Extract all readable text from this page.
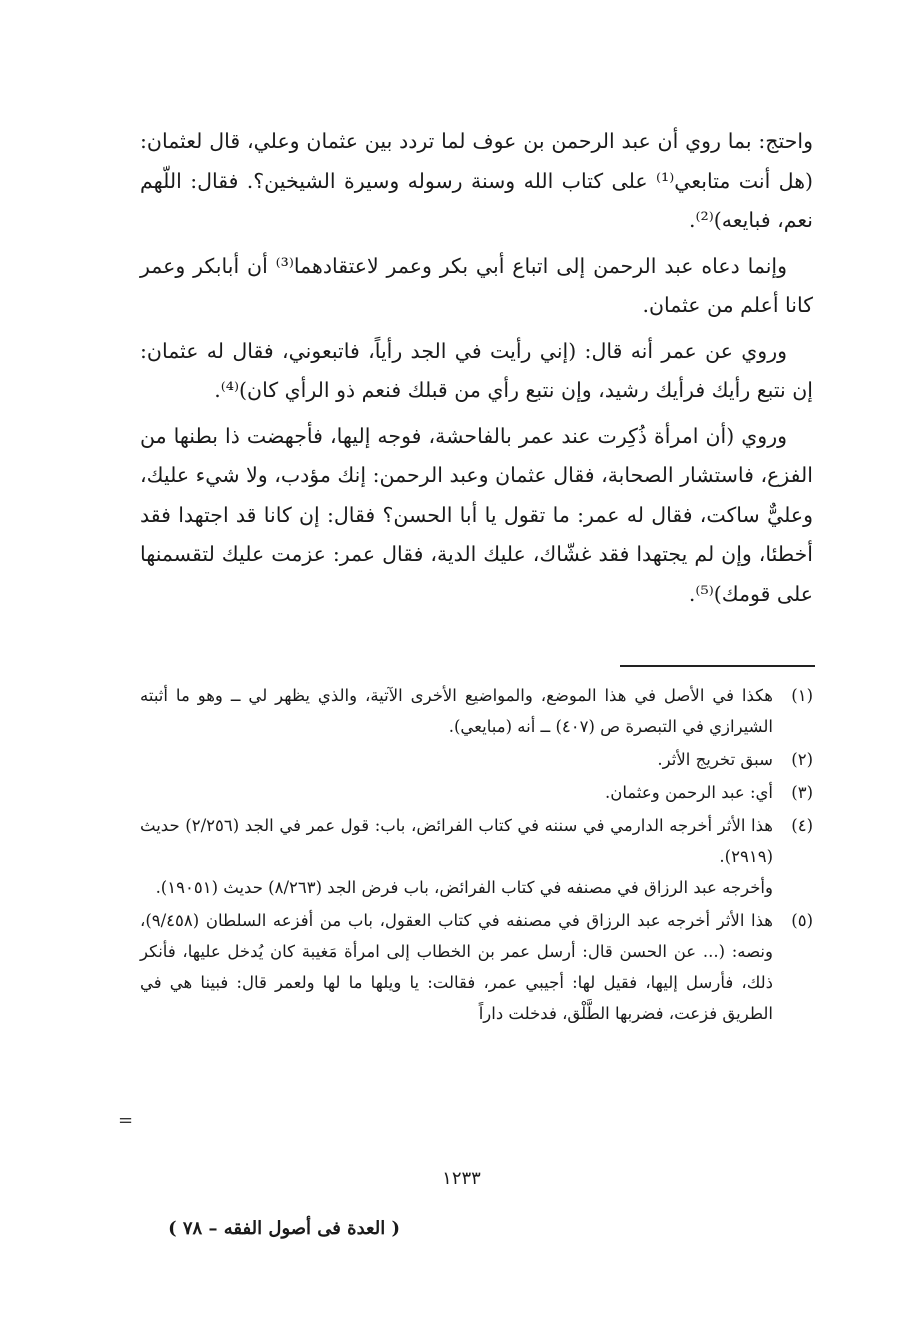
واحتج: بما روي أن عبد الرحمن بن عوف لما تردد بين عثمان وعلي، قال لعثمان: (هل أنت متابعي⁽¹⁾ على كتاب الله وسنة رسوله وسيرة الشيخين؟. فقال: اللّهم نعم، فبايعه)⁽²⁾.

وإنما دعاه عبد الرحمن إلى اتباع أبي بكر وعمر لاعتقادهما⁽³⁾ أن أبابكر وعمر كانا أعلم من عثمان.

وروي عن عمر أنه قال: (إني رأيت في الجد رأياً، فاتبعوني، فقال له عثمان: إن نتبع رأيك فرأيك رشيد، وإن نتبع رأي من قبلك فنعم ذو الرأي كان)⁽⁴⁾.

وروي (أن امرأة ذُكِرت عند عمر بالفاحشة، فوجه إليها، فأجهضت ذا بطنها من الفزع، فاستشار الصحابة، فقال عثمان وعبد الرحمن: إنك مؤدب، ولا شيء عليك، وعليٌّ ساكت، فقال له عمر: ما تقول يا أبا الحسن؟ فقال: إن كانا قد اجتهدا فقد أخطئا، وإن لم يجتهدا فقد غشّاك، عليك الدية، فقال عمر: عزمت عليك لتقسمنها على قومك)⁽⁵⁾.

(١)

هكذا في الأصل في هذا الموضع، والمواضيع الأخرى الآتية، والذي يظهر لي ــ وهو ما أثبته الشيرازي في التبصرة ص (٤٠٧) ــ أنه (مبايعي).

(٢)

سبق تخريج الأثر.

(٣)

أي: عبد الرحمن وعثمان.

(٤)

هذا الأثر أخرجه الدارمي في سننه في كتاب الفرائض، باب: قول عمر في الجد (٢/٢٥٦) حديث (٢٩١٩).

وأخرجه عبد الرزاق في مصنفه في كتاب الفرائض، باب فرض الجد (٨/٢٦٣) حديث (١٩٠٥١).

(٥)

هذا الأثر أخرجه عبد الرزاق في مصنفه في كتاب العقول، باب من أفزعه السلطان (٩/٤٥٨)، ونصه: (... عن الحسن قال: أرسل عمر بن الخطاب إلى امرأة مَغيبة كان يُدخل عليها، فأنكر ذلك، فأرسل إليها، فقيل لها: أجيبي عمر، فقالت: يا ويلها ما لها ولعمر قال: فبينا هي في الطريق فزعت، فضربها الطَّلْق، فدخلت داراً

=
١٢٣٣
( العدة فى أصول الفقه – ٧٨ )
